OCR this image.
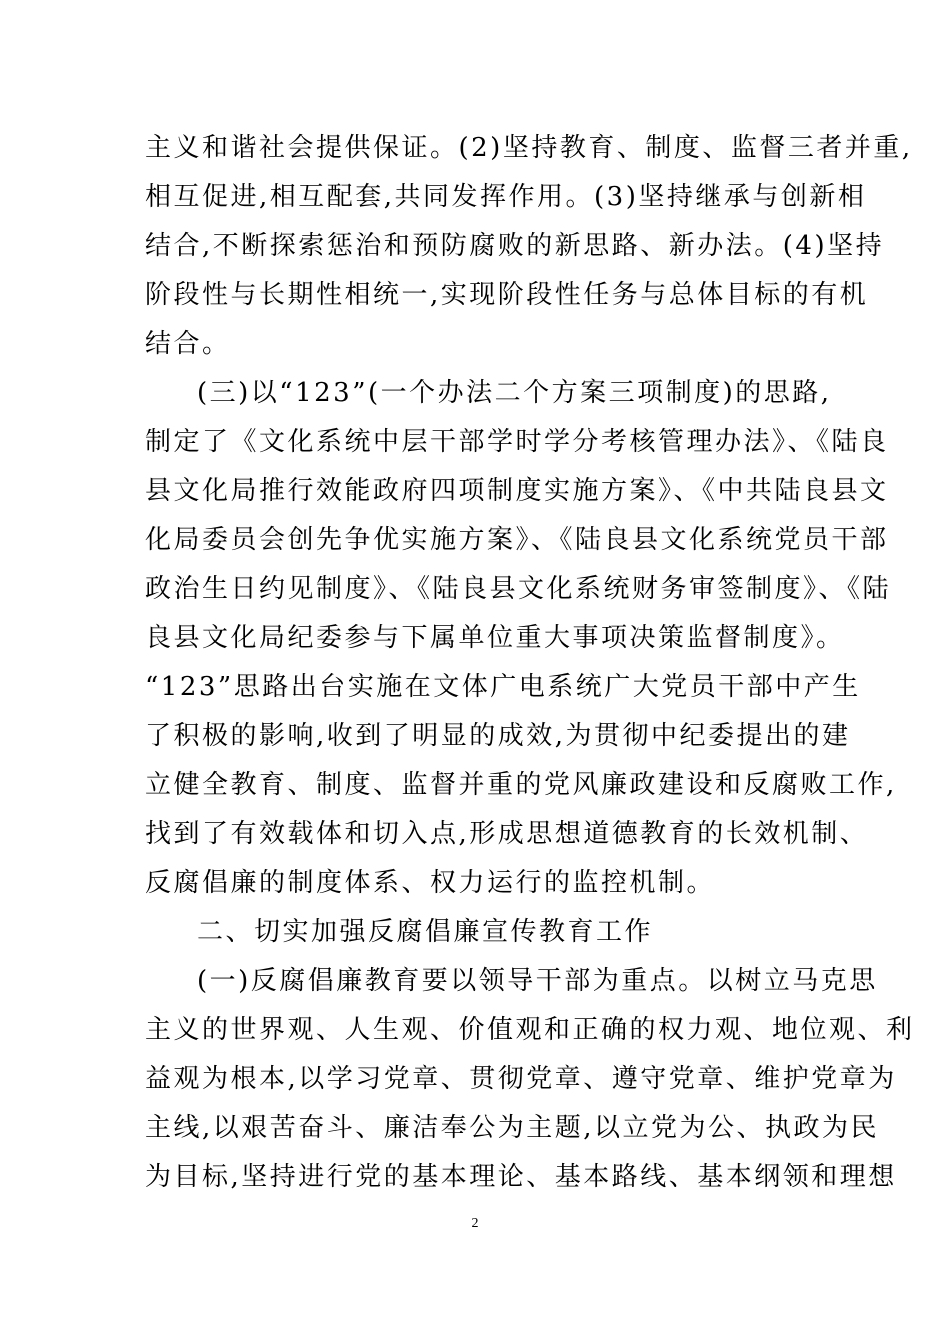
主义和谐社会提供保证。(2)坚持教育、制度、监督三者并重,
相互促进,相互配套,共同发挥作用。(3)坚持继承与创新相
结合,不断探索惩治和预防腐败的新思路、新办法。(4)坚持
阶段性与长期性相统一,实现阶段性任务与总体目标的有机
结合。
(三)以“123”(一个办法二个方案三项制度)的思路,
制定了《文化系统中层干部学时学分考核管理办法》、《陆良
县文化局推行效能政府四项制度实施方案》、《中共陆良县文
化局委员会创先争优实施方案》、《陆良县文化系统党员干部
政治生日约见制度》、《陆良县文化系统财务审签制度》、《陆
良县文化局纪委参与下属单位重大事项决策监督制度》。
“123”思路出台实施在文体广电系统广大党员干部中产生
了积极的影响,收到了明显的成效,为贯彻中纪委提出的建
立健全教育、制度、监督并重的党风廉政建设和反腐败工作,
找到了有效载体和切入点,形成思想道德教育的长效机制、
反腐倡廉的制度体系、权力运行的监控机制。
二、切实加强反腐倡廉宣传教育工作
(一)反腐倡廉教育要以领导干部为重点。以树立马克思
主义的世界观、人生观、价值观和正确的权力观、地位观、利
益观为根本,以学习党章、贯彻党章、遵守党章、维护党章为
主线,以艰苦奋斗、廉洁奉公为主题,以立党为公、执政为民
为目标,坚持进行党的基本理论、基本路线、基本纲领和理想
2
